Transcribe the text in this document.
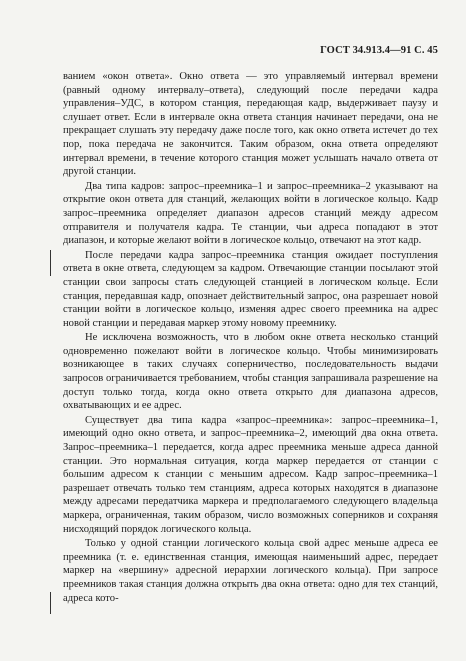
ГОСТ 34.913.4—91 С. 45

ванием «окон ответа». Окно ответа — это управляемый интервал времени (равный одному интервалу–ответа), следующий после передачи кадра управления–УДС, в котором станция, передающая кадр, выдерживает паузу и слушает ответ. Если в интервале окна ответа станция начинает передачи, она не прекращает слушать эту передачу даже после того, как окно ответа истечет до тех пор, пока передача не закончится. Таким образом, окна ответа определяют интервал времени, в течение которого станция может услышать начало ответа от другой станции.

Два типа кадров: запрос–преемника–1 и запрос–преемника–2 указывают на открытие окон ответа для станций, желающих войти в логическое кольцо. Кадр запрос–преемника определяет диапазон адресов станций между адресом отправителя и получателя кадра. Те станции, чьи адреса попадают в этот диапазон, и которые желают войти в логическое кольцо, отвечают на этот кадр.

После передачи кадра запрос–преемника станция ожидает поступления ответа в окне ответа, следующем за кадром. Отвечающие станции посылают этой станции свои запросы стать следующей станцией в логическом кольце. Если станция, передавшая кадр, опознает действительный запрос, она разрешает новой станции войти в логическое кольцо, изменяя адрес своего преемника на адрес новой станции и передавая маркер этому новому преемнику.

Не исключена возможность, что в любом окне ответа несколько станций одновременно пожелают войти в логическое кольцо. Чтобы минимизировать возникающее в таких случаях соперничество, последовательность выдачи запросов ограничивается требованием, чтобы станция запрашивала разрешение на доступ только тогда, когда окно ответа открыто для диапазона адресов, охватывающих и ее адрес.

Существует два типа кадра «запрос–преемника»: запрос–преемника–1, имеющий одно окно ответа, и запрос–преемника–2, имеющий два окна ответа. Запрос–преемника–1 передается, когда адрес преемника меньше адреса данной станции. Это нормальная ситуация, когда маркер передается от станции с большим адресом к станции с меньшим адресом. Кадр запрос–преемника–1 разрешает отвечать только тем станциям, адреса которых находятся в диапазоне между адресами передатчика маркера и предполагаемого следующего владельца маркера, ограниченная, таким образом, число возможных соперников и сохраняя нисходящий порядок логического кольца.

Только у одной станции логического кольца свой адрес меньше адреса ее преемника (т. е. единственная станция, имеющая наименьший адрес, передает маркер на «вершину» адресной иерархии логического кольца). При запросе преемников такая станция должна открыть два окна ответа: одно для тех станций, адреса кото-
